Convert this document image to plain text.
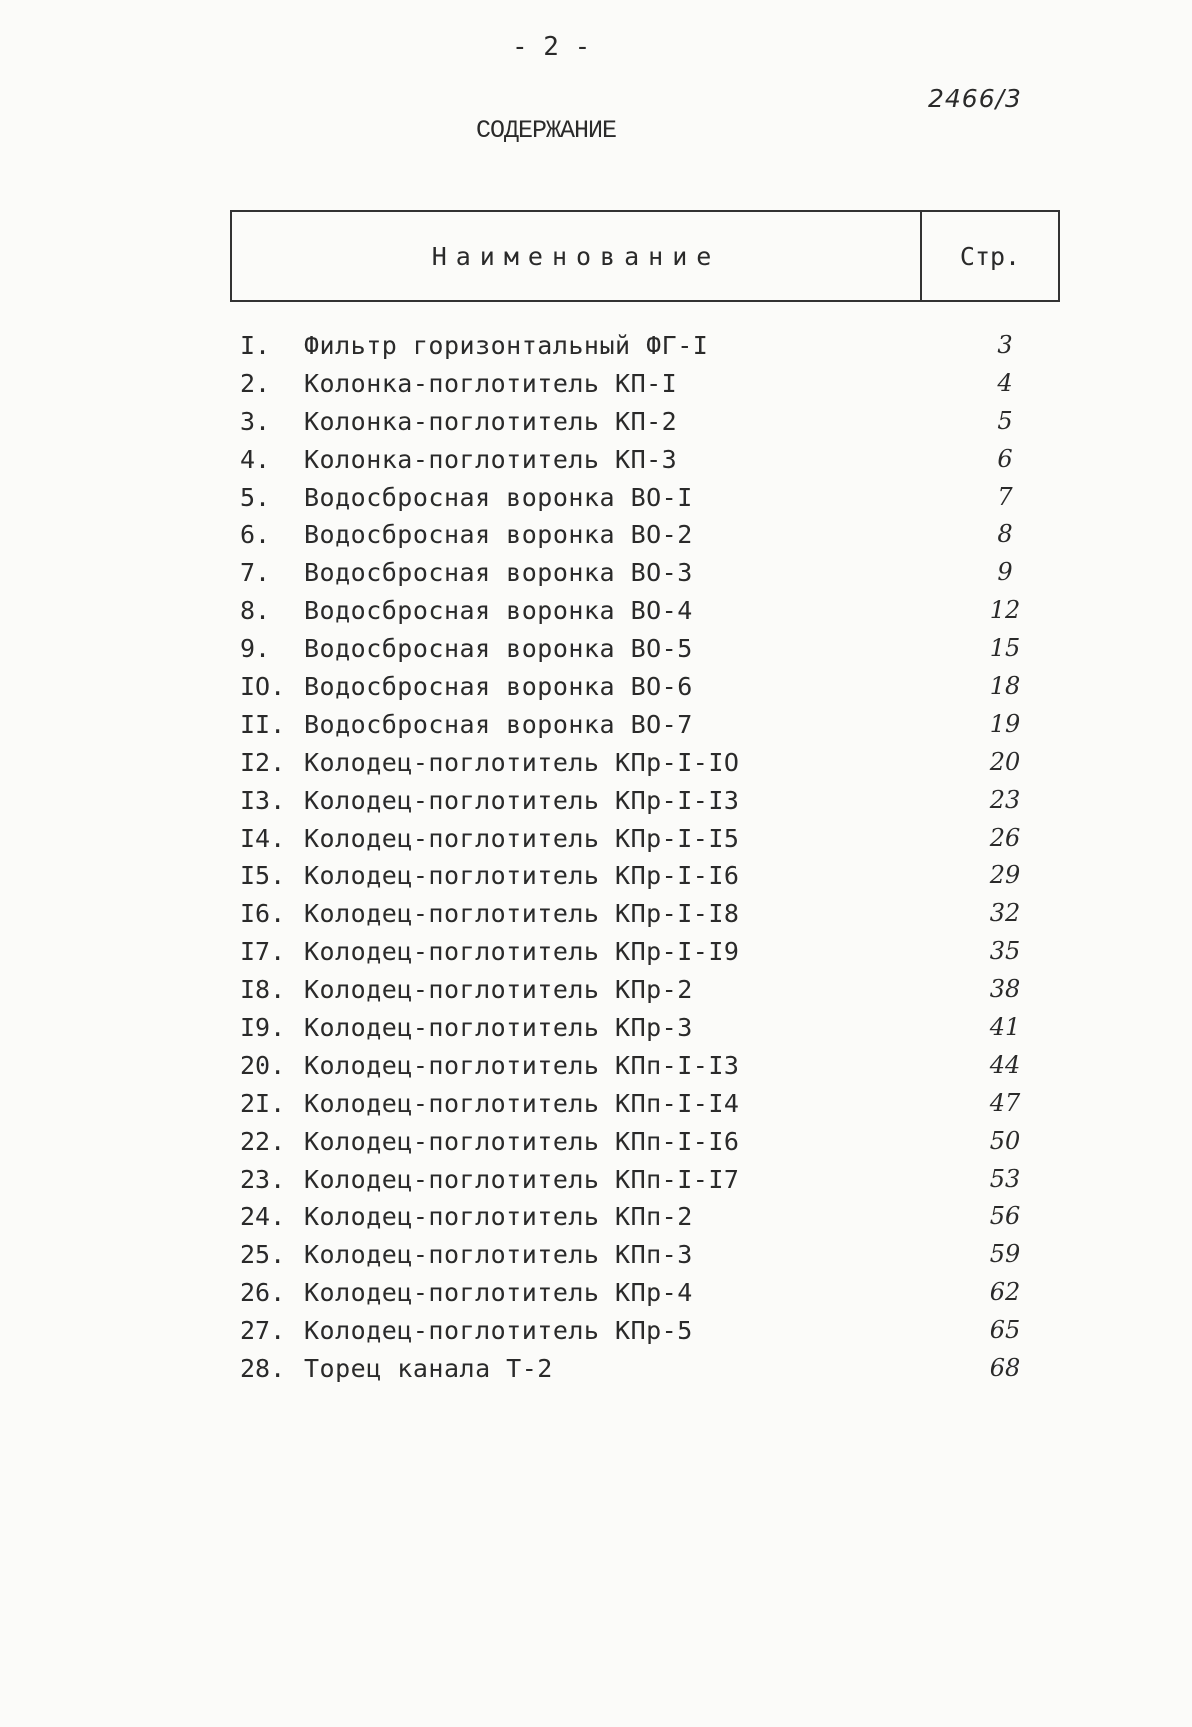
- 2 -
2466/3
СОДЕРЖАНИЕ
Наименование	Стр.
I.	Фильтр горизонтальный ФГ-I	3
2.	Колонка-поглотитель КП-I	4
3.	Колонка-поглотитель КП-2	5
4.	Колонка-поглотитель КП-3	6
5.	Водосбросная воронка ВО-I	7
6.	Водосбросная воронка ВО-2	8
7.	Водосбросная воронка ВО-3	9
8.	Водосбросная воронка ВО-4	12
9.	Водосбросная воронка ВО-5	15
IO. Водосбросная воронка ВО-6	18
II. Водосбросная воронка ВО-7	19
I2. Колодец-поглотитель КПр-I-IO	20
I3. Колодец-поглотитель КПр-I-I3	23
I4. Колодец-поглотитель КПр-I-I5	26
I5. Колодец-поглотитель КПр-I-I6	29
I6. Колодец-поглотитель КПр-I-I8	32
I7. Колодец-поглотитель КПр-I-I9	35
I8. Колодец-поглотитель КПр-2	38
I9. Колодец-поглотитель КПр-3	41
20. Колодец-поглотитель КПп-I-I3	44
2I. Колодец-поглотитель КПп-I-I4	47
22. Колодец-поглотитель КПп-I-I6	50
23. Колодец-поглотитель КПп-I-I7	53
24. Колодец-поглотитель КПп-2	56
25. Колодец-поглотитель КПп-3	59
26. Колодец-поглотитель КПр-4	62
27. Колодец-поглотитель КПр-5	65
28. Торец канала Т-2	68
